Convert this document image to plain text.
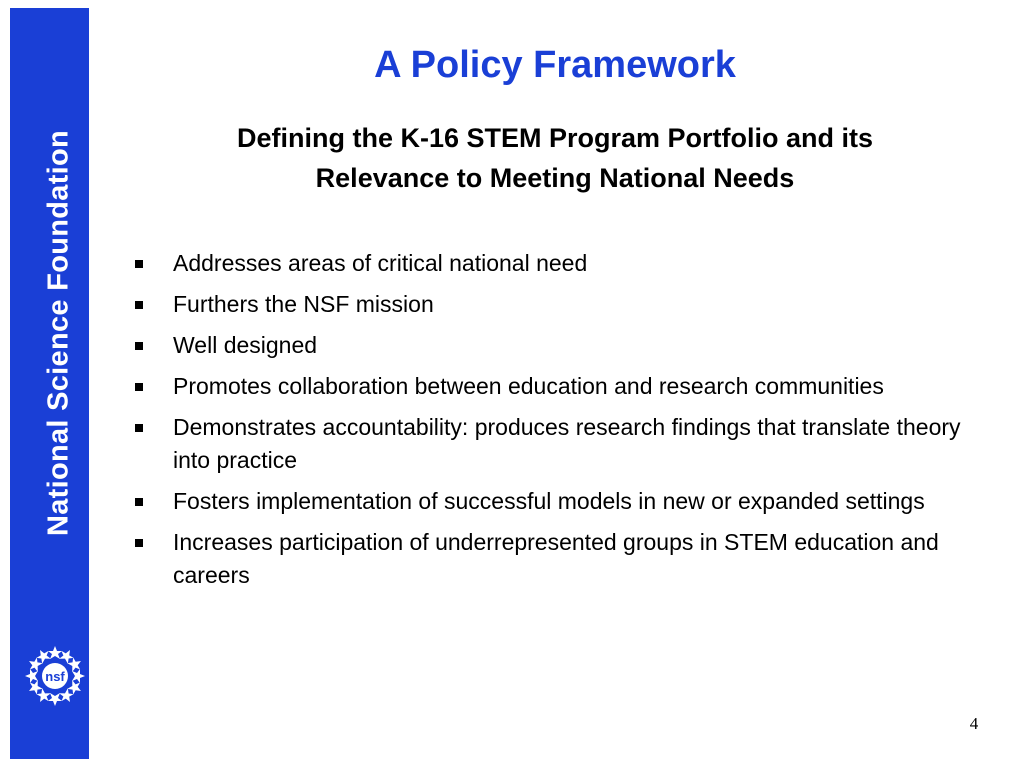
National Science Foundation
nsf
A Policy Framework
Defining the K-16 STEM Program Portfolio and its
Relevance to Meeting National Needs
Addresses areas of critical national need
Furthers the NSF mission
Well designed
Promotes collaboration between education and research communities
Demonstrates accountability: produces research findings that translate theory into practice
Fosters implementation of successful models in new or expanded settings
Increases participation of underrepresented groups in STEM education and careers
4
